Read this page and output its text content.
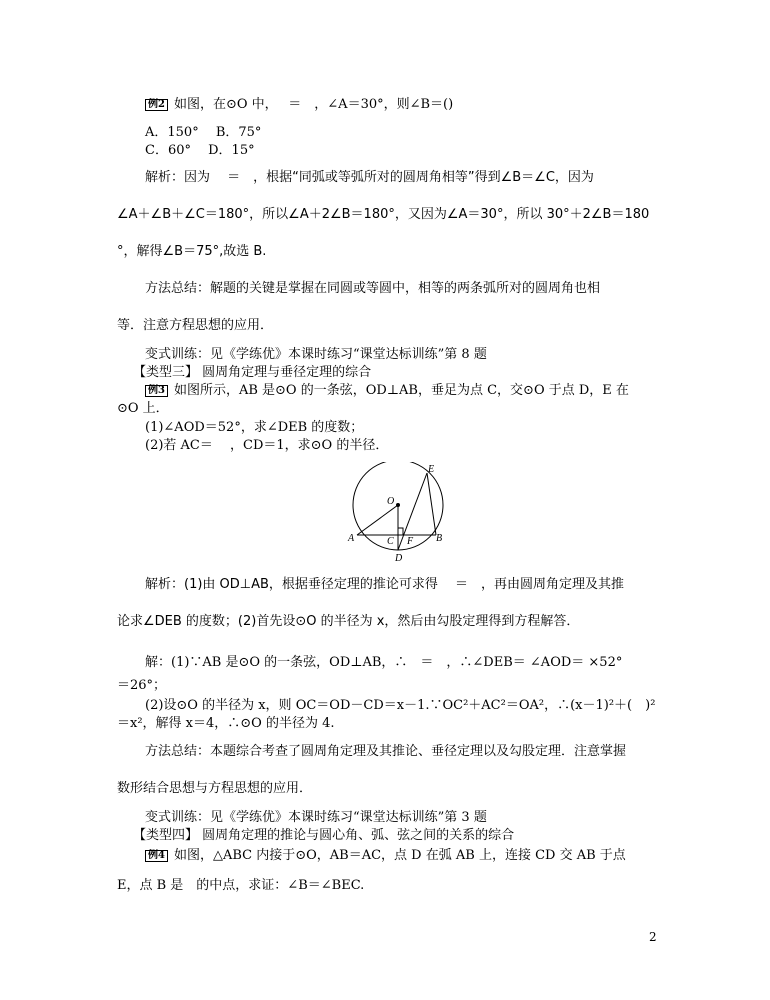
例2 如图，在⊙O 中，　 ＝　，∠A＝30°，则∠B＝()
A．150°　 B．75°
C．60°　 D．15°
解析：因为　 ＝　，根据“同弧或等弧所对的圆周角相等”得到∠B＝∠C，因为
∠A＋∠B＋∠C＝180°，所以∠A＋2∠B＝180°，又因为∠A＝30°，所以 30°＋2∠B＝180
°，解得∠B＝75°,故选 B.
方法总结：解题的关键是掌握在同圆或等圆中，相等的两条弧所对的圆周角也相
等．注意方程思想的应用．
变式训练：见《学练优》本课时练习“课堂达标训练”第 8 题
【类型三】 圆周角定理与垂径定理的综合
例3 如图所示，AB 是⊙O 的一条弦，OD⊥AB，垂足为点 C，交⊙O 于点 D，E 在
⊙O 上．
(1)∠AOD＝52°，求∠DEB 的度数；
(2)若 AC＝　 ，CD＝1，求⊙O 的半径．
E
O
A	C F B
D
解析：(1)由 OD⊥AB，根据垂径定理的推论可求得　 ＝　，再由圆周角定理及其推
论求∠DEB 的度数；(2)首先设⊙O 的半径为 x，然后由勾股定理得到方程解答．
解：(1)∵AB 是⊙O 的一条弦，OD⊥AB，∴　＝　，∴∠DEB＝ ∠AOD＝ ×52°
＝26°；
(2)设⊙O 的半径为 x，则 OC＝OD－CD＝x－1.∵OC²＋AC²＝OA²，∴(x－1)²＋(　)²
＝x²，解得 x＝4，∴⊙O 的半径为 4.
方法总结：本题综合考查了圆周角定理及其推论、垂径定理以及勾股定理．注意掌握
数形结合思想与方程思想的应用．
变式训练：见《学练优》本课时练习“课堂达标训练”第 3 题
【类型四】 圆周角定理的推论与圆心角、弧、弦之间的关系的综合
例4 如图，△ABC 内接于⊙O，AB＝AC，点 D 在弧 AB 上，连接 CD 交 AB 于点
E，点 B 是　的中点，求证：∠B＝∠BEC.
2
